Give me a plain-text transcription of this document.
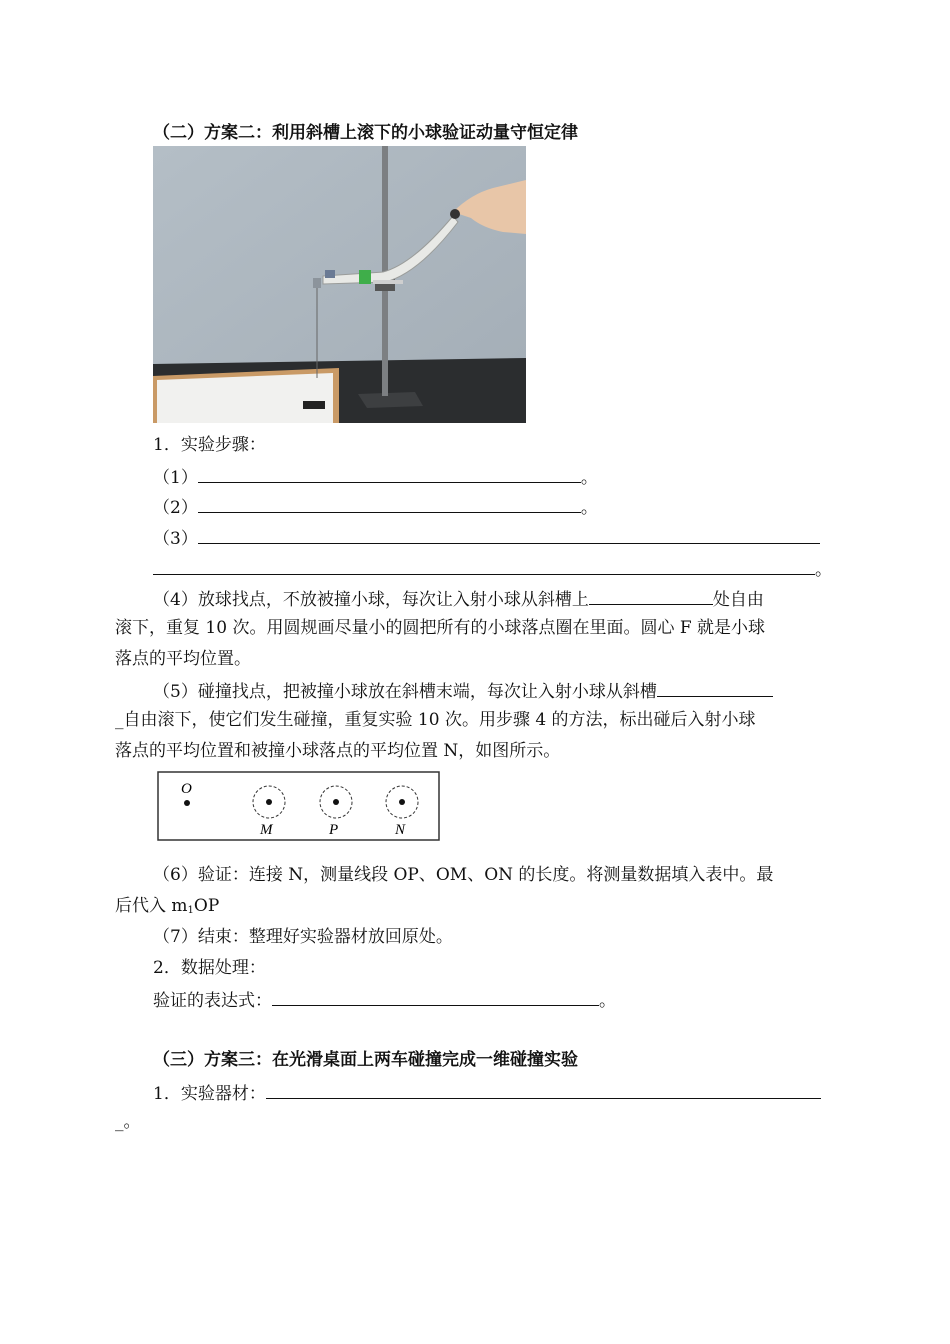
（二）方案二：利用斜槽上滚下的小球验证动量守恒定律
1．实验步骤：
（1）	。
（2）	。
（3）
。
（4）放球找点，不放被撞小球，每次让入射小球从斜槽上	处自由
滚下，重复 10 次。用圆规画尽量小的圆把所有的小球落点圈在里面。圆心 F 就是小球
落点的平均位置。
（5）碰撞找点，把被撞小球放在斜槽末端，每次让入射小球从斜槽
_自由滚下，使它们发生碰撞，重复实验 10 次。用步骤 4 的方法，标出碰后入射小球
落点的平均位置和被撞小球落点的平均位置 N，如图所示。
O
M	P	N
（6）验证：连接 N，测量线段 OP、OM、ON 的长度。将测量数据填入表中。最
后代入 $m_1OP$
（7）结束：整理好实验器材放回原处。
2．数据处理：
验证的表达式：	。
（三）方案三：在光滑桌面上两车碰撞完成一维碰撞实验
1．实验器材：
_。
